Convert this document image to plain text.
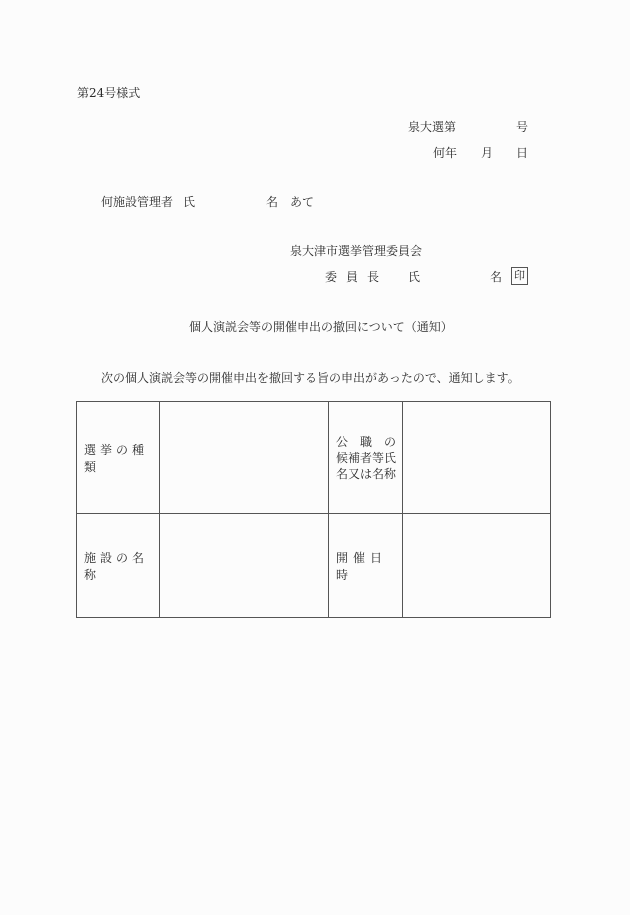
第24号様式
泉大選第	号
何年 月 日
何施設管理者 氏	名　あて
泉大津市選挙管理委員会
委員長 氏	名 印
個人演説会等の開催申出の撤回について（通知）
次の個人演説会等の開催申出を撤回する旨の申出があったので、通知します。
選挙の種類		公　職　の
候補者等氏
名又は名称	

施設の名称		開催日時	
